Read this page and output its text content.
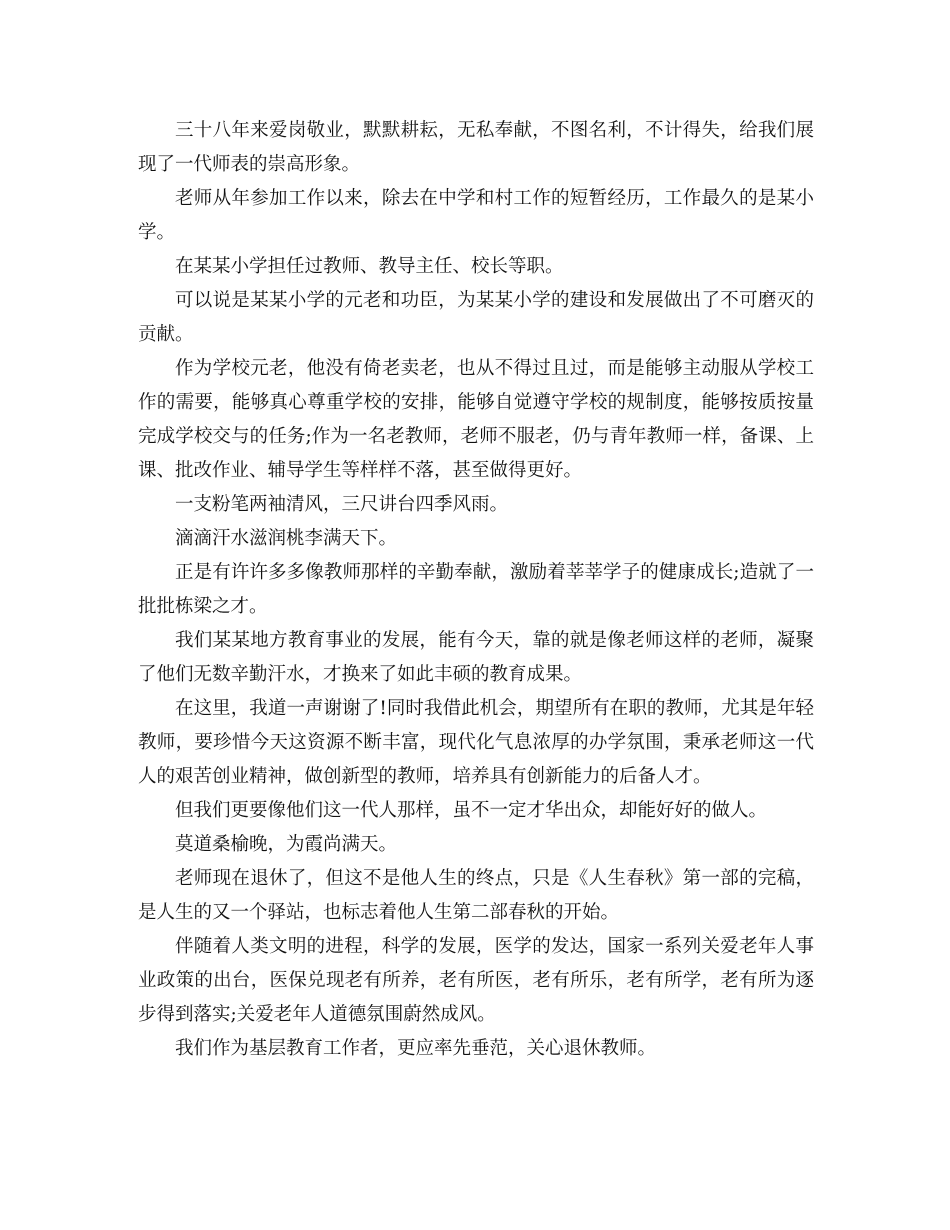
三十八年来爱岗敬业，默默耕耘，无私奉献，不图名利，不计得失，给我们展现了一代师表的崇高形象。

老师从年参加工作以来，除去在中学和村工作的短暂经历，工作最久的是某小学。

在某某小学担任过教师、教导主任、校长等职。

可以说是某某小学的元老和功臣，为某某小学的建设和发展做出了不可磨灭的贡献。

作为学校元老，他没有倚老卖老，也从不得过且过，而是能够主动服从学校工作的需要，能够真心尊重学校的安排，能够自觉遵守学校的规制度，能够按质按量完成学校交与的任务;作为一名老教师，老师不服老，仍与青年教师一样，备课、上课、批改作业、辅导学生等样样不落，甚至做得更好。

一支粉笔两袖清风，三尺讲台四季风雨。

滴滴汗水滋润桃李满天下。

正是有许许多多像教师那样的辛勤奉献，激励着莘莘学子的健康成长;造就了一批批栋梁之才。

我们某某地方教育事业的发展，能有今天，靠的就是像老师这样的老师，凝聚了他们无数辛勤汗水，才换来了如此丰硕的教育成果。

在这里，我道一声谢谢了!同时我借此机会，期望所有在职的教师，尤其是年轻教师，要珍惜今天这资源不断丰富，现代化气息浓厚的办学氛围，秉承老师这一代人的艰苦创业精神，做创新型的教师，培养具有创新能力的后备人才。

但我们更要像他们这一代人那样，虽不一定才华出众，却能好好的做人。

莫道桑榆晚，为霞尚满天。

老师现在退休了，但这不是他人生的终点，只是《人生春秋》第一部的完稿，是人生的又一个驿站，也标志着他人生第二部春秋的开始。

伴随着人类文明的进程，科学的发展，医学的发达，国家一系列关爱老年人事业政策的出台，医保兑现老有所养，老有所医，老有所乐，老有所学，老有所为逐步得到落实;关爱老年人道德氛围蔚然成风。

我们作为基层教育工作者，更应率先垂范，关心退休教师。
